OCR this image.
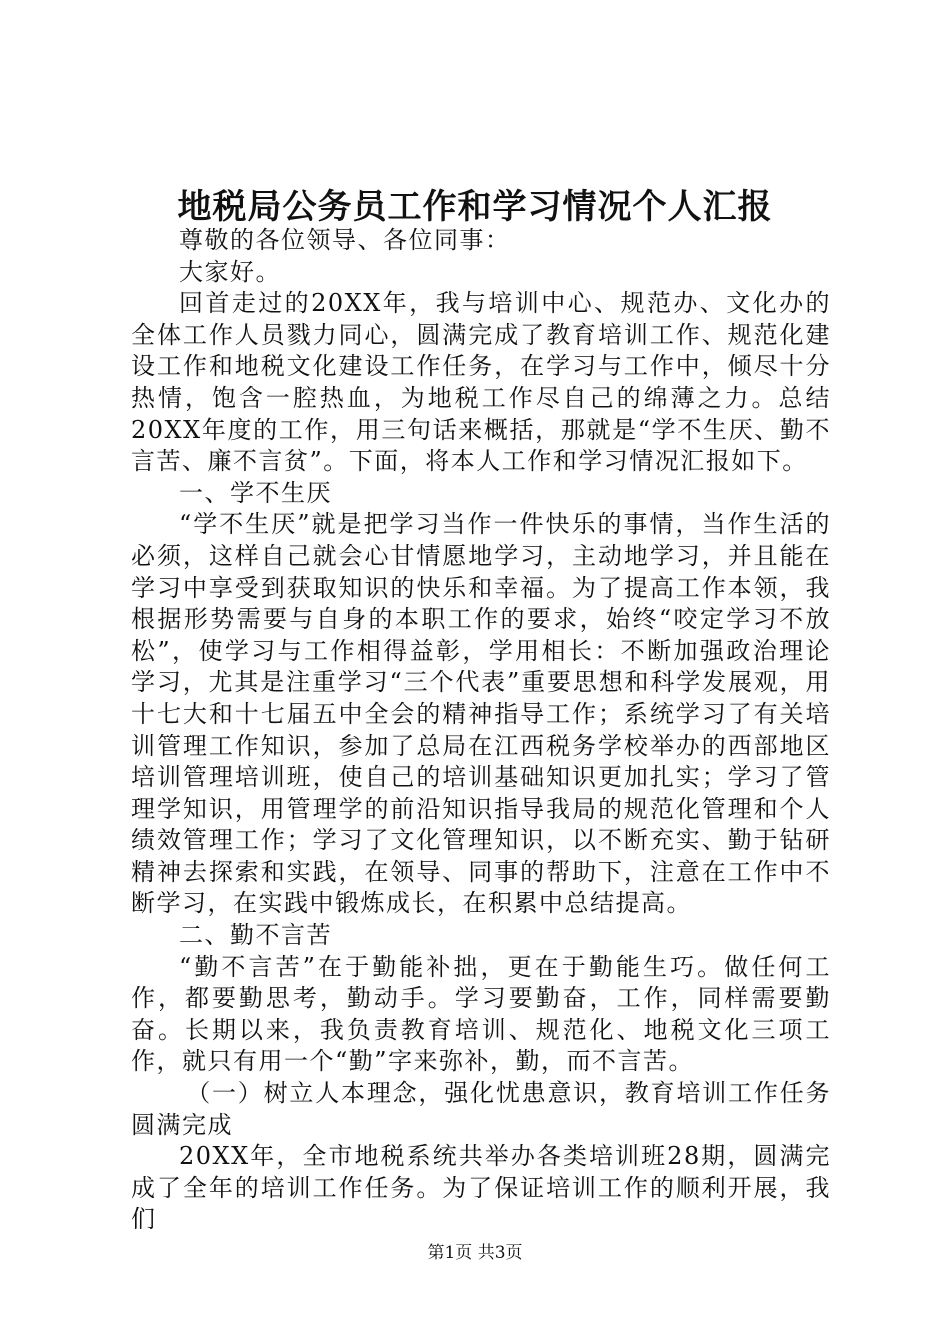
地税局公务员工作和学习情况个人汇报

尊敬的各位领导、各位同事：

大家好。

回首走过的20XX年，我与培训中心、规范办、文化办的全体工作人员戮力同心，圆满完成了教育培训工作、规范化建设工作和地税文化建设工作任务，在学习与工作中，倾尽十分热情，饱含一腔热血，为地税工作尽自己的绵薄之力。总结20XX年度的工作，用三句话来概括，那就是“学不生厌、勤不言苦、廉不言贫”。下面，将本人工作和学习情况汇报如下。

一、学不生厌

“学不生厌”就是把学习当作一件快乐的事情，当作生活的必须，这样自己就会心甘情愿地学习，主动地学习，并且能在学习中享受到获取知识的快乐和幸福。为了提高工作本领，我根据形势需要与自身的本职工作的要求，始终“咬定学习不放松”，使学习与工作相得益彰，学用相长：不断加强政治理论学习，尤其是注重学习“三个代表”重要思想和科学发展观，用十七大和十七届五中全会的精神指导工作；系统学习了有关培训管理工作知识，参加了总局在江西税务学校举办的西部地区培训管理培训班，使自己的培训基础知识更加扎实；学习了管理学知识，用管理学的前沿知识指导我局的规范化管理和个人绩效管理工作；学习了文化管理知识，以不断充实、勤于钻研精神去探索和实践，在领导、同事的帮助下，注意在工作中不断学习，在实践中锻炼成长，在积累中总结提高。

二、勤不言苦

“勤不言苦”在于勤能补拙，更在于勤能生巧。做任何工作，都要勤思考，勤动手。学习要勤奋，工作，同样需要勤奋。长期以来，我负责教育培训、规范化、地税文化三项工作，就只有用一个“勤”字来弥补，勤，而不言苦。

（一）树立人本理念，强化忧患意识，教育培训工作任务圆满完成

20XX年，全市地税系统共举办各类培训班28期，圆满完成了全年的培训工作任务。为了保证培训工作的顺利开展，我们

第1页 共3页
